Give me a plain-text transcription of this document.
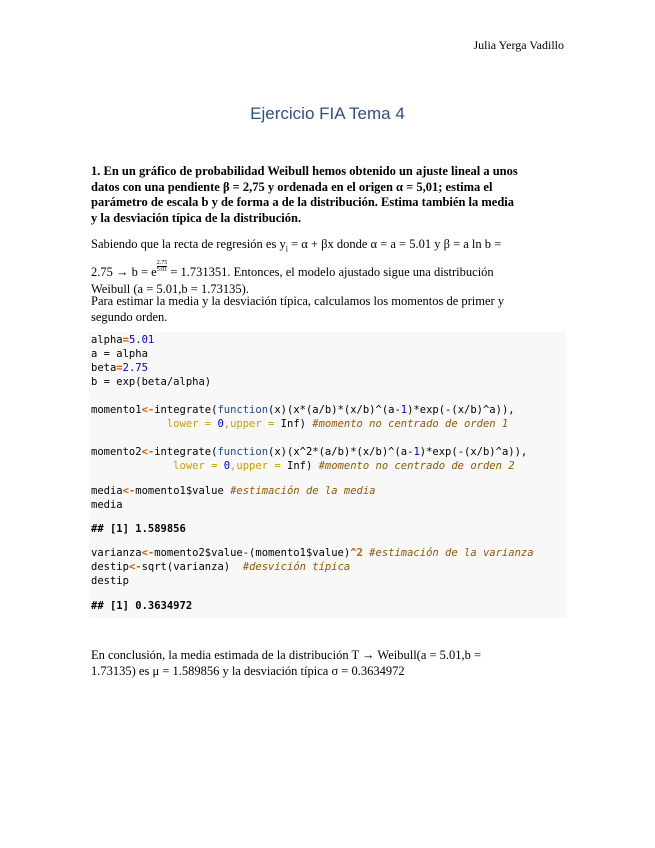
Julia Yerga Vadillo
Ejercicio FIA Tema 4
1. En un gráfico de probabilidad Weibull hemos obtenido un ajuste lineal a unos
datos con una pendiente β = 2,75 y ordenada en el origen α = 5,01; estima el
parámetro de escala b y de forma a de la distribución. Estima también la media
y la desviación típica de la distribución.
Sabiendo que la recta de regresión es $y_i = \alpha + \beta x$ donde α = a = 5.01 y β = a ln b =
2.75 → b = e $\frac{2.75}{5.01} = 1.731351$. Entonces, el modelo ajustado sigue una distribución
Weibull (a = 5.01,b = 1.73135).
Para estimar la media y la desviación típica, calculamos los momentos de primer y
segundo orden.
alpha=5.01
a = alpha
beta=2.75
b = exp(beta/alpha)
momento1<-integrate(function(x)(x*(a/b)*(x/b)^(a-1)*exp(-(x/b)^a)),
lower = 0,upper = Inf) #momento no centrado de orden 1
momento2<-integrate(function(x)(x^2*(a/b)*(x/b)^(a-1)*exp(-(x/b)^a)),
lower = 0,upper = Inf) #momento no centrado de orden 2
media<-momento1$value #estimación de la media
media
## [1] 1.589856
varianza<-momento2$value-(momento1$value)^2 #estimación de la varianza
destip<-sqrt(varianza)  #desvición típica
destip
## [1] 0.3634972
En conclusión, la media estimada de la distribución T → Weibull(a = 5.01,b =
1.73135) es μ = 1.589856 y la desviación típica σ = 0.3634972
